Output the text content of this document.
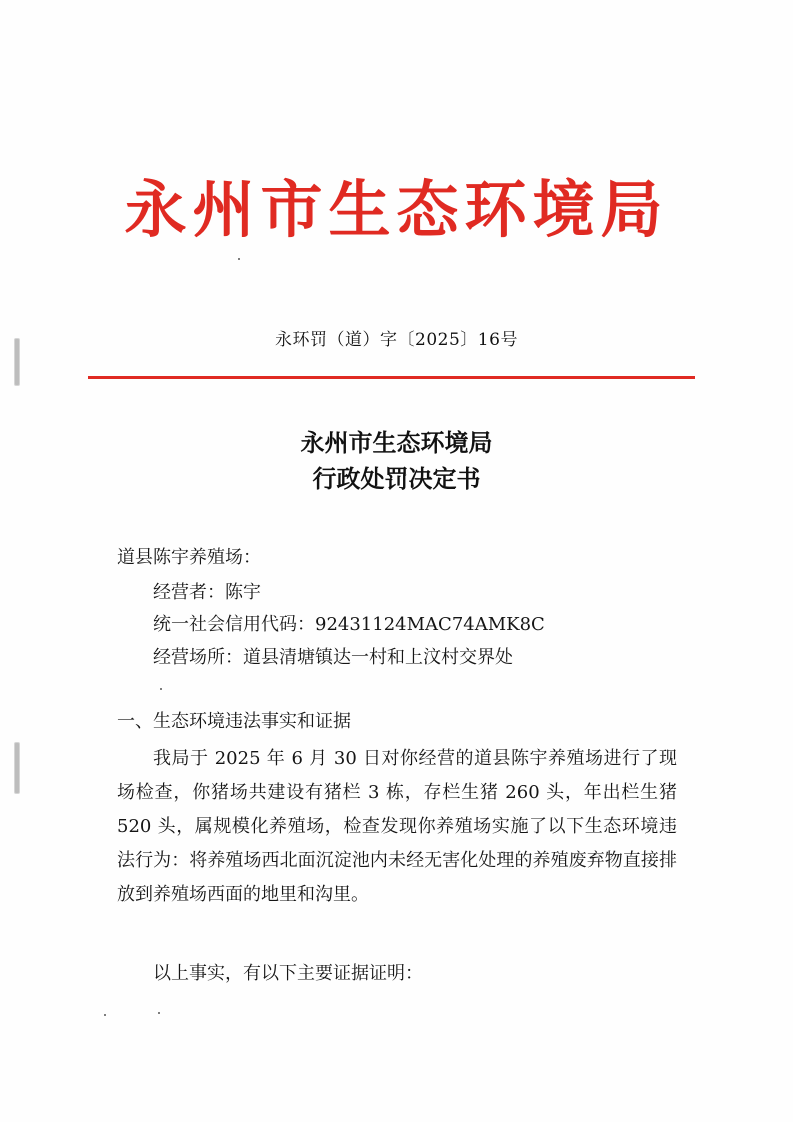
永州市生态环境局
永环罚（道）字〔2025〕16号
永州市生态环境局
行政处罚决定书
道县陈宇养殖场：
经营者：陈宇
统一社会信用代码：92431124MAC74AMK8C
经营场所：道县清塘镇达一村和上汶村交界处
一、生态环境违法事实和证据
我局于 2025 年 6 月 30 日对你经营的道县陈宇养殖场进行了现场检查，你猪场共建设有猪栏 3 栋，存栏生猪 260 头，年出栏生猪 520 头，属规模化养殖场，检查发现你养殖场实施了以下生态环境违法行为：将养殖场西北面沉淀池内未经无害化处理的养殖废弃物直接排放到养殖场西面的地里和沟里。
以上事实，有以下主要证据证明：
